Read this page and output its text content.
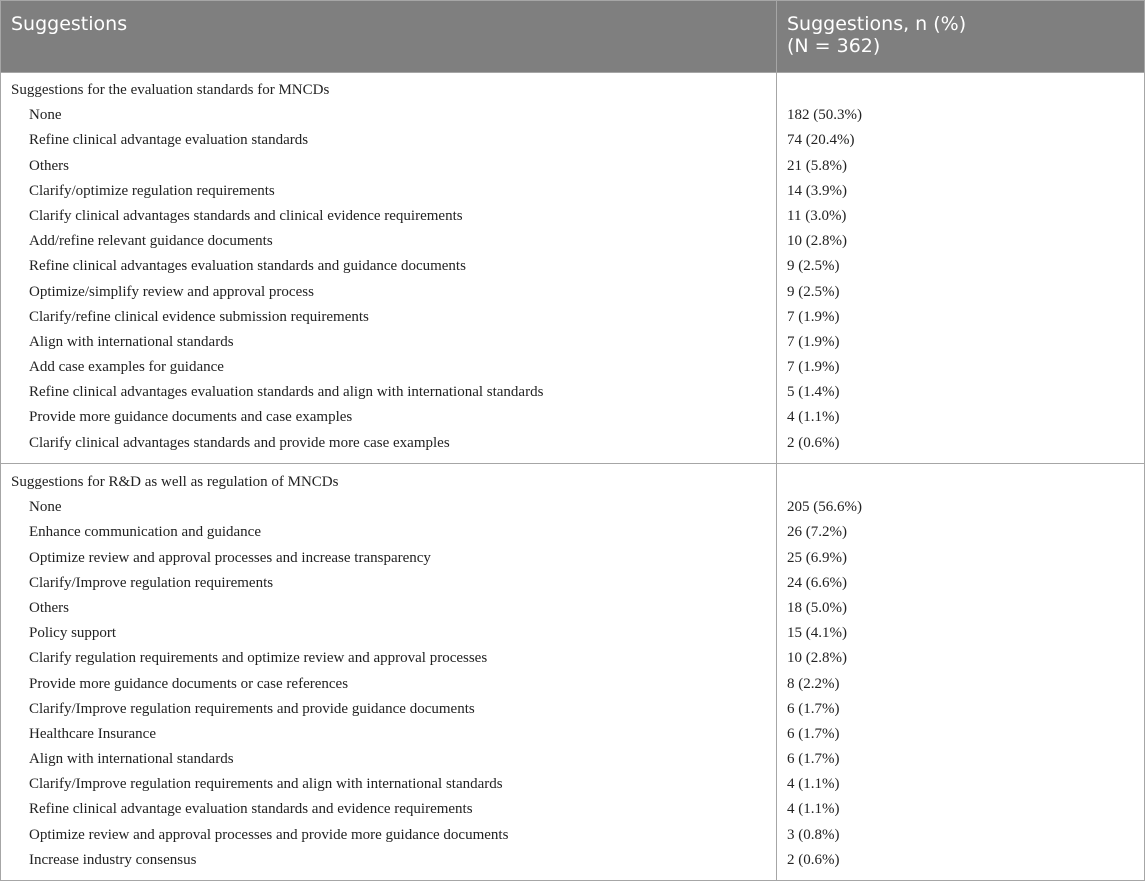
Suggestions	Suggestions, n (%)
(N = 362)
Suggestions for the evaluation standards for MNCDs
None	182 (50.3%)
Refine clinical advantage evaluation standards	74 (20.4%)
Others	21 (5.8%)
Clarify/optimize regulation requirements	14 (3.9%)
Clarify clinical advantages standards and clinical evidence requirements	11 (3.0%)
Add/refine relevant guidance documents	10 (2.8%)
Refine clinical advantages evaluation standards and guidance documents	9 (2.5%)
Optimize/simplify review and approval process	9 (2.5%)
Clarify/refine clinical evidence submission requirements	7 (1.9%)
Align with international standards	7 (1.9%)
Add case examples for guidance	7 (1.9%)
Refine clinical advantages evaluation standards and align with international standards	5 (1.4%)
Provide more guidance documents and case examples	4 (1.1%)
Clarify clinical advantages standards and provide more case examples	2 (0.6%)
Suggestions for R&D as well as regulation of MNCDs
None	205 (56.6%)
Enhance communication and guidance	26 (7.2%)
Optimize review and approval processes and increase transparency	25 (6.9%)
Clarify/Improve regulation requirements	24 (6.6%)
Others	18 (5.0%)
Policy support	15 (4.1%)
Clarify regulation requirements and optimize review and approval processes	10 (2.8%)
Provide more guidance documents or case references	8 (2.2%)
Clarify/Improve regulation requirements and provide guidance documents	6 (1.7%)
Healthcare Insurance	6 (1.7%)
Align with international standards	6 (1.7%)
Clarify/Improve regulation requirements and align with international standards	4 (1.1%)
Refine clinical advantage evaluation standards and evidence requirements	4 (1.1%)
Optimize review and approval processes and provide more guidance documents	3 (0.8%)
Increase industry consensus	2 (0.6%)
